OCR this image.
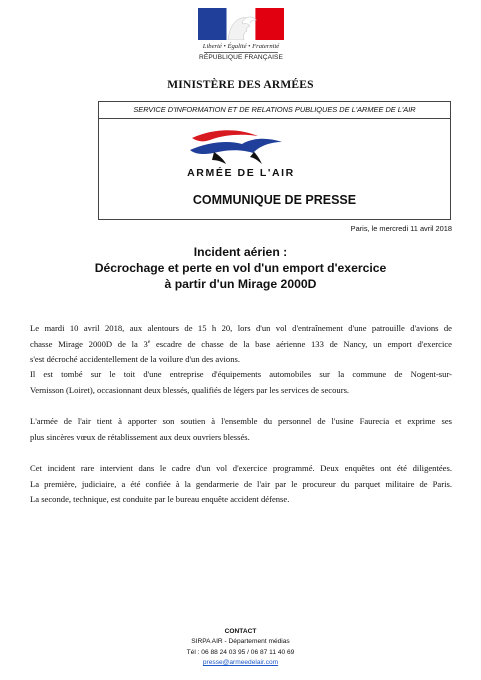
Liberté • Égalité • Fraternité
RÉPUBLIQUE FRANÇAISE
MINISTÈRE DES ARMÉES
SERVICE D'INFORMATION ET DE RELATIONS PUBLIQUES DE L'ARMEE DE L'AIR
ARMÉE DE L'AIR
COMMUNIQUE DE PRESSE
Paris, le mercredi 11 avril 2018
Incident aérien :
Décrochage et perte en vol d'un emport d'exercice
à partir d'un Mirage 2000D
Le mardi 10 avril 2018, aux alentours de 15 h 20, lors d'un vol d'entraînement d'une patrouille d'avions de
chasse Mirage 2000D de la 3e escadre de chasse de la base aérienne 133 de Nancy, un emport d'exercice
s'est décroché accidentellement de la voilure d'un des avions.
Il est tombé sur le toit d'une entreprise d'équipements automobiles sur la commune de Nogent-sur-
Vernisson (Loiret), occasionnant deux blessés, qualifiés de légers par les services de secours.
L'armée de l'air tient à apporter son soutien à l'ensemble du personnel de l'usine Faurecia et exprime ses
plus sincères vœux de rétablissement aux deux ouvriers blessés.
Cet incident rare intervient dans le cadre d'un vol d'exercice programmé. Deux enquêtes ont été diligentées.
La première, judiciaire, a été confiée à la gendarmerie de l'air par le procureur du parquet militaire de Paris.
La seconde, technique, est conduite par le bureau enquête accident défense.
CONTACT
SIRPA AIR - Département médias
Tél : 06 88 24 03 95 / 06 87 11 40 69
presse@armeedelair.com
